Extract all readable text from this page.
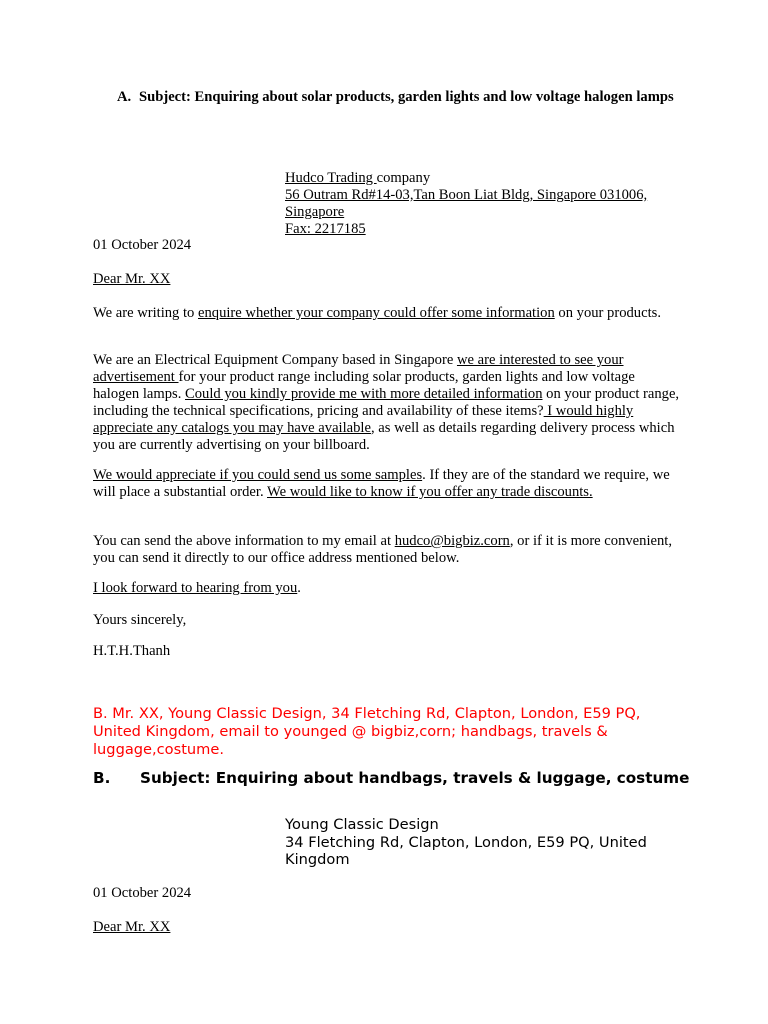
A. Subject: Enquiring about solar products, garden lights and low voltage halogen lamps
Hudco Trading company
56 Outram Rd#14-03,Tan Boon Liat Bldg, Singapore 031006,
Singapore
Fax: 2217185
01 October 2024
Dear Mr. XX
We are writing to enquire whether your company could offer some information on your products.
We are an Electrical Equipment Company based in Singapore we are interested to see your advertisement for your product range including solar products, garden lights and low voltage halogen lamps. Could you kindly provide me with more detailed information on your product range, including the technical specifications, pricing and availability of these items? I would highly appreciate any catalogs you may have available, as well as details regarding delivery process which you are currently advertising on your billboard.
We would appreciate if you could send us some samples. If they are of the standard we require, we will place a substantial order. We would like to know if you offer any trade discounts.
You can send the above information to my email at hudco@bigbiz.corn, or if it is more convenient, you can send it directly to our office address mentioned below.
I look forward to hearing from you.
Yours sincerely,
H.T.H.Thanh
B. Mr. XX, Young Classic Design, 34 Fletching Rd, Clapton, London, E59 PQ, United Kingdom, email to younged @ bigbiz,corn; handbags, travels & luggage,costume.
B. Subject: Enquiring about handbags, travels & luggage, costume
Young Classic Design
34 Fletching Rd, Clapton, London, E59 PQ, United Kingdom
01 October 2024
Dear Mr. XX
